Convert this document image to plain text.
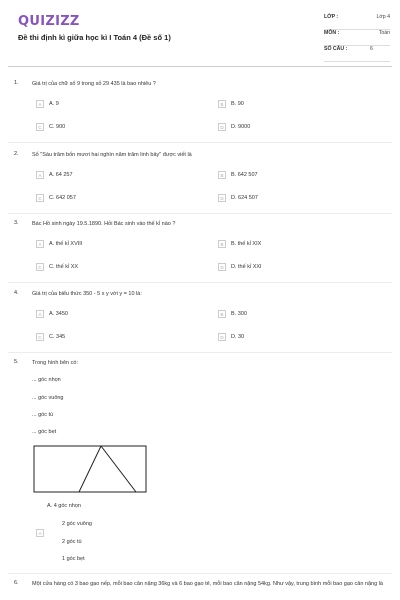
QUIZIZZ
Đề thi định kì giữa học kì I Toán 4 (Đề số 1)
LỚP :	Lớp 4
MÔN :	Toán
SỐ CÂU :	6
1. Giá trị của chữ số 9 trong số 29 435 là bao nhiêu ?
A	A. 9	B	B. 90
C	C. 900	D	D. 9000
2. Số "Sáu trăm bốn mươi hai nghìn năm trăm linh bảy" được viết là
A	A. 64 257	B	B. 642 507
C	C. 642 057	D	D. 624 507
3. Bác Hồ sinh ngày 19.5.1890. Hỏi Bác sinh vào thế kỉ nào ?
A	A. thế kỉ XVIII	B	B. thế kỉ XIX
C	C. thế kỉ XX	D	D. thế kỉ XXI
4. Giá trị của biểu thức 350 - 5 x y với y = 10 là:
A	A. 3450	B	B. 300
C	C. 345	D	D. 30
5. Trong hình bên có:
... góc nhọn
... góc vuông
... góc tù
... góc bẹt
A
A. 4 góc nhọn
2 góc vuông
2 góc tù
1 góc bẹt
6. Một cửa hàng có 3 bao gạo nếp, mỗi bao cân nặng 36kg và 6 bao gạo tẻ, mỗi bao cân nặng 54kg. Như vậy, trung bình mỗi bao gạo cân nặng là
